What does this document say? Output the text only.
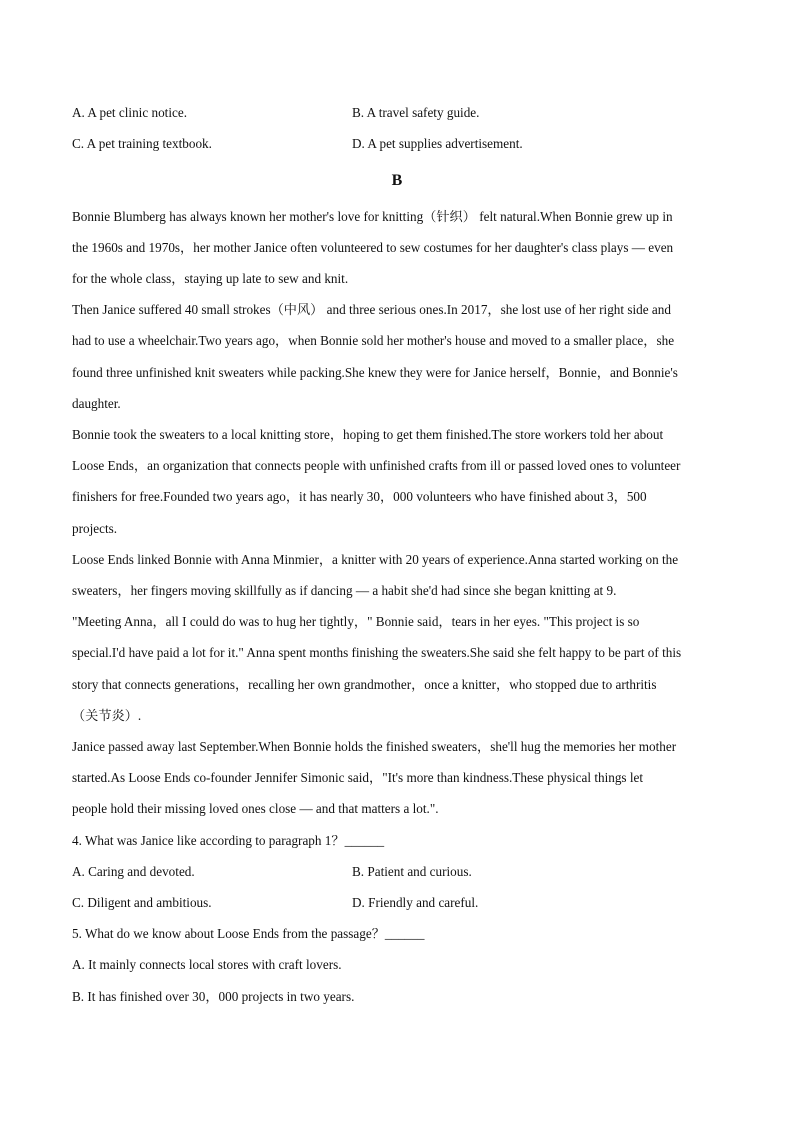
A. A pet clinic notice.	B. A travel safety guide.
C. A pet training textbook.	D. A pet supplies advertisement.
B
Bonnie Blumberg has always known her mother's love for knitting（针织） felt natural.When Bonnie grew up in
the 1960s and 1970s，her mother Janice often volunteered to sew costumes for her daughter's class plays — even
for the whole class，staying up late to sew and knit.
Then Janice suffered 40 small strokes（中风） and three serious ones.In 2017，she lost use of her right side and
had to use a wheelchair.Two years ago，when Bonnie sold her mother's house and moved to a smaller place，she
found three unfinished knit sweaters while packing.She knew they were for Janice herself，Bonnie，and Bonnie's
daughter.
Bonnie took the sweaters to a local knitting store，hoping to get them finished.The store workers told her about
Loose Ends，an organization that connects people with unfinished crafts from ill or passed loved ones to volunteer
finishers for free.Founded two years ago，it has nearly 30，000 volunteers who have finished about 3，500
projects.
Loose Ends linked Bonnie with Anna Minmier，a knitter with 20 years of experience.Anna started working on the
sweaters，her fingers moving skillfully as if dancing — a habit she'd had since she began knitting at 9.
"Meeting Anna，all I could do was to hug her tightly，" Bonnie said，tears in her eyes. "This project is so
special.I'd have paid a lot for it." Anna spent months finishing the sweaters.She said she felt happy to be part of this
story that connects generations，recalling her own grandmother，once a knitter，who stopped due to arthritis
（关节炎）.
Janice passed away last September.When Bonnie holds the finished sweaters，she'll hug the memories her mother
started.As Loose Ends co-founder Jennifer Simonic said，"It's more than kindness.These physical things let
people hold their missing loved ones close — and that matters a lot.".
4. What was Janice like according to paragraph 1？______
A. Caring and devoted.	B. Patient and curious.
C. Diligent and ambitious.	D. Friendly and careful.
5. What do we know about Loose Ends from the passage？______
A. It mainly connects local stores with craft lovers.
B. It has finished over 30，000 projects in two years.
